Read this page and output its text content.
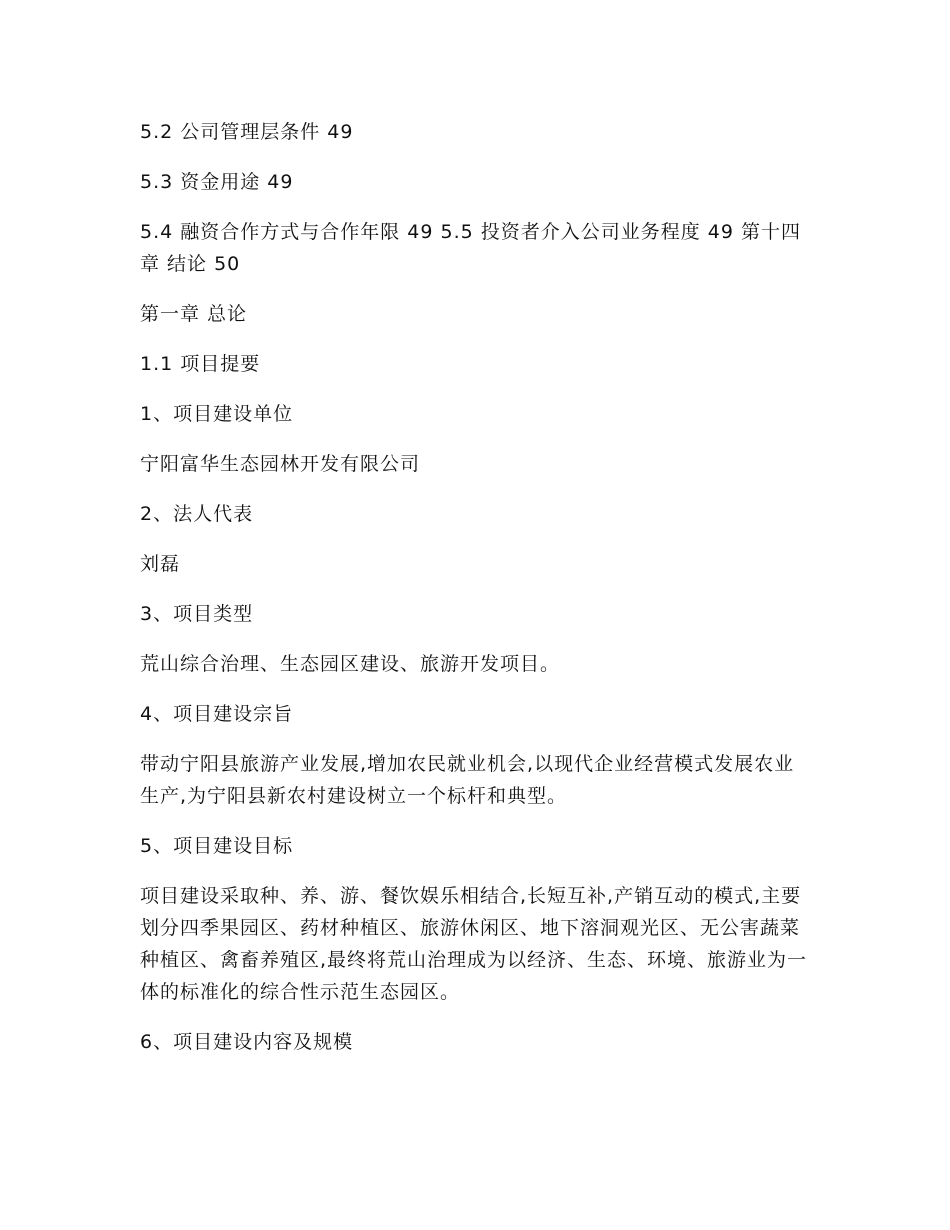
5.2 公司管理层条件 49

5.3 资金用途 49

5.4 融资合作方式与合作年限 49 5.5 投资者介入公司业务程度 49 第十四章 结论 50

第一章 总论

1.1 项目提要

1、项目建设单位

宁阳富华生态园林开发有限公司

2、法人代表

刘磊

3、项目类型

荒山综合治理、生态园区建设、旅游开发项目。

4、项目建设宗旨

带动宁阳县旅游产业发展,增加农民就业机会,以现代企业经营模式发展农业生产,为宁阳县新农村建设树立一个标杆和典型。

5、项目建设目标

项目建设采取种、养、游、餐饮娱乐相结合,长短互补,产销互动的模式,主要划分四季果园区、药材种植区、旅游休闲区、地下溶洞观光区、无公害蔬菜种植区、禽畜养殖区,最终将荒山治理成为以经济、生态、环境、旅游业为一体的标准化的综合性示范生态园区。

6、项目建设内容及规模
